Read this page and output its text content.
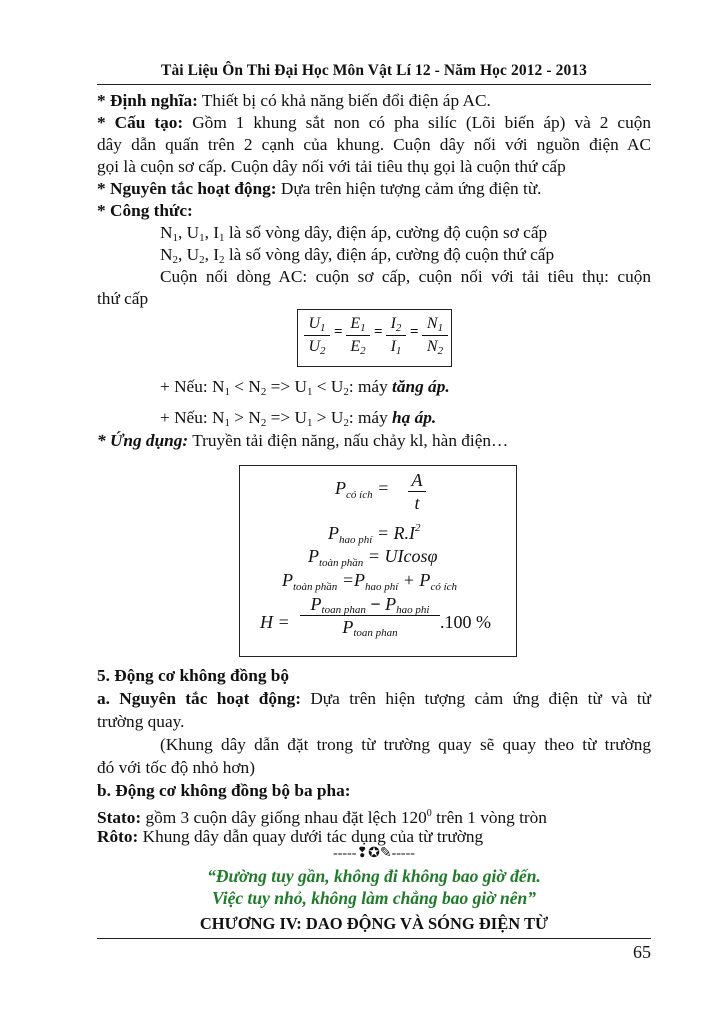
Tài Liệu Ôn Thi Đại Học Môn Vật Lí 12 - Năm Học 2012 - 2013
* Định nghĩa: Thiết bị có khả năng biến đổi điện áp AC.
* Cấu tạo: Gồm 1 khung sắt non có pha silíc (Lõi biến áp) và 2 cuộn
dây dẫn quấn trên 2 cạnh của khung. Cuộn dây nối với nguồn điện AC
gọi là cuộn sơ cấp. Cuộn dây nối với tải tiêu thụ gọi là cuộn thứ cấp
* Nguyên tắc hoạt động: Dựa trên hiện tượng cảm ứng điện từ.
* Công thức:
$N_1$, $U_1$, $I_1$ là số vòng dây, điện áp, cường độ cuộn sơ cấp
$N_2$, $U_2$, $I_2$ là số vòng dây, điện áp, cường độ cuộn thứ cấp
Cuộn nối dòng AC: cuộn sơ cấp, cuộn nối với tải tiêu thụ: cuộn
thứ cấp
$U_1$
$U_2$
= $E_1$
$E_2$
= $I_2$
$I_1$
= $N_1$
$N_2$
+ Nếu: $N_1 < N_2 => U_1 < U_2$: máy tăng áp.
+ Nếu: $N_1 > N_2 => U_1 > U_2$: máy hạ áp.
* Ứng dụng: Truyền tải điện năng, nấu chảy kl, hàn điện…
$P_{có ích} = A$
t
$P_{hao phí} = R.I^2$
$P_{toàn phần} = UIcos\varphi$
$P_{toàn phần} =P_{hao phí} + P_{có ích}$
H =
$P_{toan phan} - P_{hao phi}$
$P_{toan phan}$
.100 %
5. Động cơ không đồng bộ
a. Nguyên tắc hoạt động: Dựa trên hiện tượng cảm ứng điện từ và từ
trường quay.
(Khung dây dẫn đặt trong từ trường quay sẽ quay theo từ trường
đó với tốc độ nhỏ hơn)
b. Động cơ không đồng bộ ba pha:
Stato: gồm 3 cuộn dây giống nhau đặt lệch $120^0$ trên 1 vòng tròn
Rôto: Khung dây dẫn quay dưới tác dụng của từ trường
-----❢✪✎-----
“Đường tuy gần, không đi không bao giờ đến.
Việc tuy nhỏ, không làm chẳng bao giờ nên”
CHƯƠNG IV: DAO ĐỘNG VÀ SÓNG ĐIỆN TỪ
65
